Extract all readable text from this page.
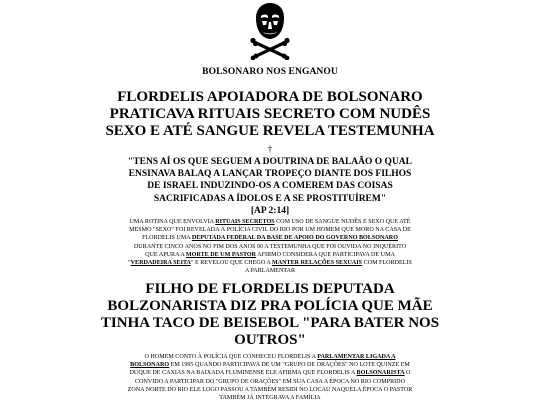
BOLSONARO NOS ENGANOU
FLORDELIS APOIADORA DE BOLSONARO
PRATICAVA RITUAIS SECRETO COM NUDÊS
SEXO E ATÉ SANGUE REVELA TESTEMUNHA
†
"TENS AÍ OS QUE SEGUEM A DOUTRINA DE BALAÃO O QUAL
ENSINAVA BALAQ A LANÇAR TROPEÇO DIANTE DOS FILHOS
DE ISRAEL INDUZINDO-OS A COMEREM DAS COISAS
SACRIFICADAS A ÍDOLOS E A SE PROSTITUÍREM"
[AP 2:14]
UMA ROTINA QUE ENVOLVIA RITUAIS SECRETOS COM USO DE SANGUE NUDÊS E SEXO QUE ATÉ
MESMO "SEXO" FOI REVELADA À POLÍCIA CIVIL DO RIO POR UM HOMEM QUE MORO NA CASA DE
FLORDELIS UMA DEPUTADA FEDERAL DA BASE DE APOIO DO GOVERNO BOLSONARO
DURANTE CINCO ANOS NO FIM DOS ANOS 90 A TESTEMUNHA QUE FOI OUVIDA NO INQUÉRITO
QUE APURA A MORTE DE UM PASTOR AFIRMO CONSIDERA QUE PARTICIPAVA DE UMA
"VERDADEIRA SEITA" E REVELOU QUE CHEGO A MANTER RELAÇÕES SEXUAIS COM FLORDELIS
A PARLAMENTAR
FILHO DE FLORDELIS DEPUTADA
BOLZONARISTA DIZ PRA POLÍCIA QUE MÃE
TINHA TACO DE BEISEBOL "PARA BATER NOS
OUTROS"
O HOMEM CONTO À POLÍCIA QUE CONHECEU FLORDELIS A PARLAMENTAR LIGADA A
BOLSONARO EM 1995 QUANDO PARTICIPAVA DE UM "GRUPO DE ORAÇÕES" NO LOTE QUINZE EM
DUQUE DE CAXIAS NA BAIXADA FLUMINENSE ELE AFIRMA QUE FLORDELIS A BOLSONARISTA O
CONVIDO A PARTICIPAR DO "GRUPO DE ORAÇÕES" EM SUA CASA A ÉPOCA NO RIO COMPRIDO
ZONA NORTE DO RIO ELE LOGO PASSOU A TAMBÉM RESIDI NO LOCAU NAQUELA ÉPOCA O PASTOR
TAMBÉM JÁ INTEGRAVA A FAMÍLIA
